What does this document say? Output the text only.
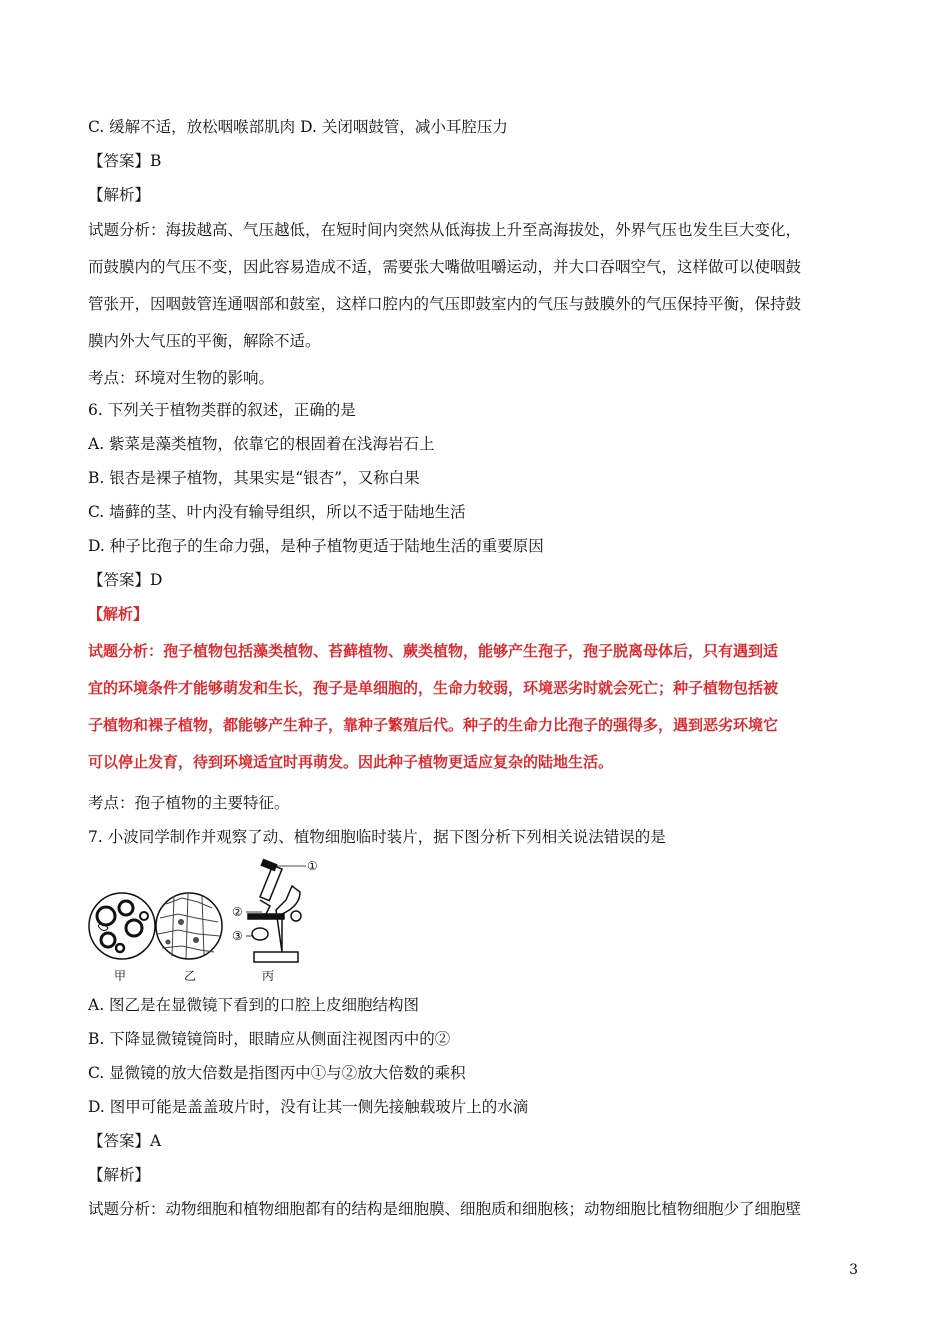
C. 缓解不适，放松咽喉部肌肉 D. 关闭咽鼓管，减小耳腔压力
【答案】B
【解析】
试题分析：海拔越高、气压越低，在短时间内突然从低海拔上升至高海拔处，外界气压也发生巨大变化，
而鼓膜内的气压不变，因此容易造成不适，需要张大嘴做咀嚼运动，并大口吞咽空气，这样做可以使咽鼓
管张开，因咽鼓管连通咽部和鼓室，这样口腔内的气压即鼓室内的气压与鼓膜外的气压保持平衡，保持鼓
膜内外大气压的平衡，解除不适。
考点：环境对生物的影响。
6. 下列关于植物类群的叙述，正确的是
A. 紫菜是藻类植物，依靠它的根固着在浅海岩石上
B. 银杏是裸子植物，其果实是“银杏”，又称白果
C. 墙藓的茎、叶内没有输导组织，所以不适于陆地生活
D. 种子比孢子的生命力强，是种子植物更适于陆地生活的重要原因
【答案】D
【解析】
试题分析：孢子植物包括藻类植物、苔藓植物、蕨类植物，能够产生孢子，孢子脱离母体后，只有遇到适
宜的环境条件才能够萌发和生长，孢子是单细胞的，生命力较弱，环境恶劣时就会死亡；种子植物包括被
子植物和裸子植物，都能够产生种子，靠种子繁殖后代。种子的生命力比孢子的强得多，遇到恶劣环境它
可以停止发育，待到环境适宜时再萌发。因此种子植物更适应复杂的陆地生活。
考点：孢子植物的主要特征。
7. 小波同学制作并观察了动、植物细胞临时装片，据下图分析下列相关说法错误的是
①
②
③
甲	乙	丙
A. 图乙是在显微镜下看到的口腔上皮细胞结构图
B. 下降显微镜镜筒时，眼睛应从侧面注视图丙中的②
C. 显微镜的放大倍数是指图丙中①与②放大倍数的乘积
D. 图甲可能是盖盖玻片时，没有让其一侧先接触载玻片上的水滴
【答案】A
【解析】
试题分析：动物细胞和植物细胞都有的结构是细胞膜、细胞质和细胞核；动物细胞比植物细胞少了细胞壁
3
